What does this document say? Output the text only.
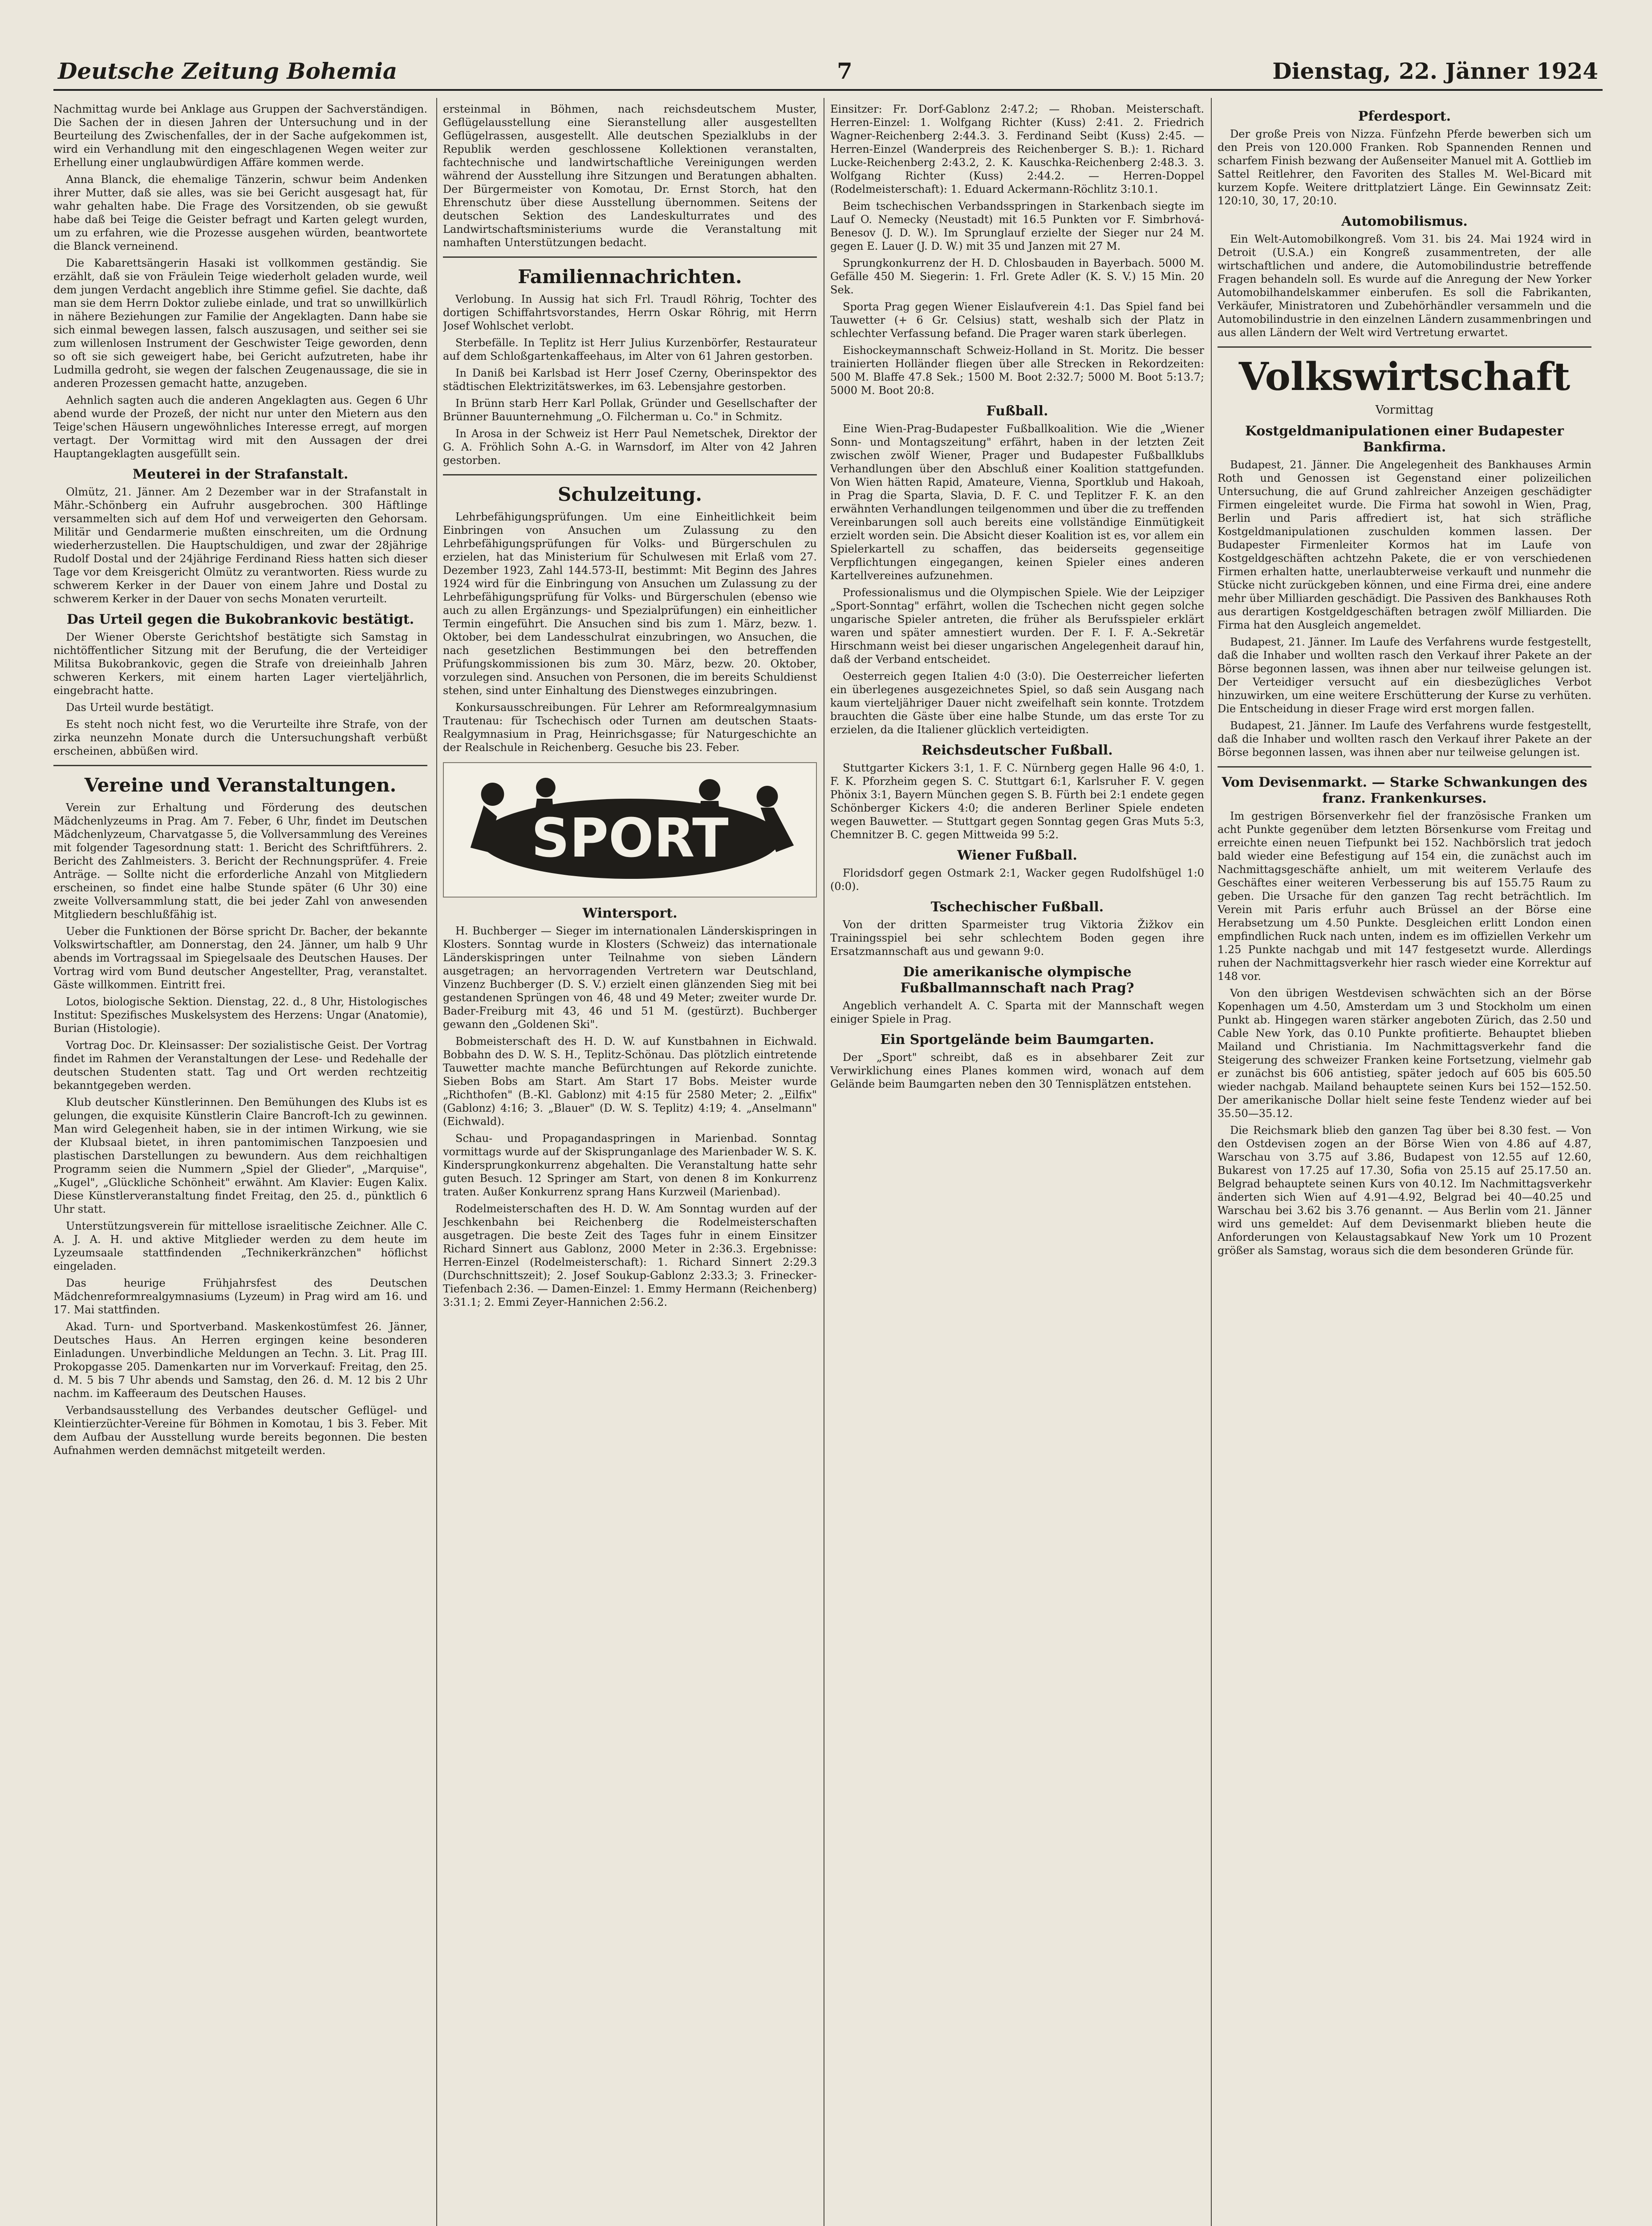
Deutsche Zeitung Bohemia	7	Dienstag, 22. Jänner 1924

Nachmittag wurde bei Anklage aus Gruppen der Sachverständigen. Die Sachen der in diesen Jahren der Untersuchung und in der Beurteilung des Zwischenfalles, der in der Sache aufgekommen ist, wird ein Verhandlung mit den eingeschlagenen Wegen weiter zur Erhellung einer unglaubwürdigen Affäre kommen werde.

Anna Blanck, die ehemalige Tänzerin, schwur beim Andenken ihrer Mutter, daß sie alles, was sie bei Gericht ausgesagt hat, für wahr gehalten habe. Die Frage des Vorsitzenden, ob sie gewußt habe daß bei Teige die Geister befragt und Karten gelegt wurden, um zu erfahren, wie die Prozesse ausgehen würden, beantwortete die Blanck verneinend.

Die Kabarettsängerin Hasaki ist vollkommen geständig. Sie erzählt, daß sie von Fräulein Teige wiederholt geladen wurde, weil dem jungen Verdacht angeblich ihre Stimme gefiel. Sie dachte, daß man sie dem Herrn Doktor zuliebe einlade, und trat so unwillkürlich in nähere Beziehungen zur Familie der Angeklagten. Dann habe sie sich einmal bewegen lassen, falsch auszusagen, und seither sei sie zum willenlosen Instrument der Geschwister Teige geworden, denn so oft sie sich geweigert habe, bei Gericht aufzutreten, habe ihr Ludmilla gedroht, sie wegen der falschen Zeugenaussage, die sie in anderen Prozessen gemacht hatte, anzugeben.

Aehnlich sagten auch die anderen Angeklagten aus. Gegen 6 Uhr abend wurde der Prozeß, der nicht nur unter den Mietern aus den Teige'schen Häusern ungewöhnliches Interesse erregt, auf morgen vertagt. Der Vormittag wird mit den Aussagen der drei Hauptangeklagten ausgefüllt sein.

Meuterei in der Strafanstalt.

Olmütz, 21. Jänner. Am 2 Dezember war in der Strafanstalt in Mähr.-Schönberg ein Aufruhr ausgebrochen. 300 Häftlinge versammelten sich auf dem Hof und verweigerten den Gehorsam. Militär und Gendarmerie mußten einschreiten, um die Ordnung wiederherzustellen. Die Hauptschuldigen, und zwar der 28jährige Rudolf Dostal und der 24jährige Ferdinand Riess hatten sich dieser Tage vor dem Kreisgericht Olmütz zu verantworten. Riess wurde zu schwerem Kerker in der Dauer von einem Jahre und Dostal zu schwerem Kerker in der Dauer von sechs Monaten verurteilt.

Das Urteil gegen die Bukobrankovic bestätigt.

Der Wiener Oberste Gerichtshof bestätigte sich Samstag in nichtöffentlicher Sitzung mit der Berufung, die der Verteidiger Militsa Bukobrankovic, gegen die Strafe von dreieinhalb Jahren schweren Kerkers, mit einem harten Lager vierteljährlich, eingebracht hatte.

Das Urteil wurde bestätigt.

Es steht noch nicht fest, wo die Verurteilte ihre Strafe, von der zirka neunzehn Monate durch die Untersuchungshaft verbüßt erscheinen, abbüßen wird.

Vereine und Veranstaltungen.

Verein zur Erhaltung und Förderung des deutschen Mädchenlyzeums in Prag. Am 7. Feber, 6 Uhr, findet im Deutschen Mädchenlyzeum, Charvatgasse 5, die Vollversammlung des Vereines mit folgender Tagesordnung statt: 1. Bericht des Schriftführers. 2. Bericht des Zahlmeisters. 3. Bericht der Rechnungsprüfer. 4. Freie Anträge. — Sollte nicht die erforderliche Anzahl von Mitgliedern erscheinen, so findet eine halbe Stunde später (6 Uhr 30) eine zweite Vollversammlung statt, die bei jeder Zahl von anwesenden Mitgliedern beschlußfähig ist.

Ueber die Funktionen der Börse spricht Dr. Bacher, der bekannte Volkswirtschaftler, am Donnerstag, den 24. Jänner, um halb 9 Uhr abends im Vortragssaal im Spiegelsaale des Deutschen Hauses. Der Vortrag wird vom Bund deutscher Angestellter, Prag, veranstaltet. Gäste willkommen. Eintritt frei.

Lotos, biologische Sektion. Dienstag, 22. d., 8 Uhr, Histologisches Institut: Spezifisches Muskelsystem des Herzens: Ungar (Anatomie), Burian (Histologie).

Vortrag Doc. Dr. Kleinsasser: Der sozialistische Geist. Der Vortrag findet im Rahmen der Veranstaltungen der Lese- und Redehalle der deutschen Studenten statt. Tag und Ort werden rechtzeitig bekanntgegeben werden.

Klub deutscher Künstlerinnen. Den Bemühungen des Klubs ist es gelungen, die exquisite Künstlerin Claire Bancroft-Ich zu gewinnen. Man wird Gelegenheit haben, sie in der intimen Wirkung, wie sie der Klubsaal bietet, in ihren pantomimischen Tanzpoesien und plastischen Darstellungen zu bewundern. Aus dem reichhaltigen Programm seien die Nummern „Spiel der Glieder", „Marquise", „Kugel", „Glückliche Schönheit" erwähnt. Am Klavier: Eugen Kalix. Diese Künstlerveranstaltung findet Freitag, den 25. d., pünktlich 6 Uhr statt.

Unterstützungsverein für mittellose israelitische Zeichner. Alle C. A. J. A. H. und aktive Mitglieder werden zu dem heute im Lyzeumsaale stattfindenden „Technikerkränzchen" höflichst eingeladen.

Das heurige Frühjahrsfest des Deutschen Mädchenreformrealgymnasiums (Lyzeum) in Prag wird am 16. und 17. Mai stattfinden.

Akad. Turn- und Sportverband. Maskenkostümfest 26. Jänner, Deutsches Haus. An Herren ergingen keine besonderen Einladungen. Unverbindliche Meldungen an Techn. 3. Lit. Prag III. Prokopgasse 205. Damenkarten nur im Vorverkauf: Freitag, den 25. d. M. 5 bis 7 Uhr abends und Samstag, den 26. d. M. 12 bis 2 Uhr nachm. im Kaffeeraum des Deutschen Hauses.

Verbandsausstellung des Verbandes deutscher Geflügel- und Kleintierzüchter-Vereine für Böhmen in Komotau, 1 bis 3. Feber. Mit dem Aufbau der Ausstellung wurde bereits begonnen. Die besten Aufnahmen werden demnächst mitgeteilt werden.

ersteinmal in Böhmen, nach reichsdeutschem Muster, Geflügelausstellung eine Sieranstellung aller ausgestellten Geflügelrassen, ausgestellt. Alle deutschen Spezialklubs in der Republik werden geschlossene Kollektionen veranstalten, fachtechnische und landwirtschaftliche Vereinigungen werden während der Ausstellung ihre Sitzungen und Beratungen abhalten. Der Bürgermeister von Komotau, Dr. Ernst Storch, hat den Ehrenschutz über diese Ausstellung übernommen. Seitens der deutschen Sektion des Landeskulturrates und des Landwirtschaftsministeriums wurde die Veranstaltung mit namhaften Unterstützungen bedacht.

Familiennachrichten.

Verlobung. In Aussig hat sich Frl. Traudl Röhrig, Tochter des dortigen Schiffahrtsvorstandes, Herrn Oskar Röhrig, mit Herrn Josef Wohlschet verlobt.

Sterbefälle. In Teplitz ist Herr Julius Kurzenbörfer, Restaurateur auf dem Schloßgartenkaffeehaus, im Alter von 61 Jahren gestorben.

In Daniß bei Karlsbad ist Herr Josef Czerny, Oberinspektor des städtischen Elektrizitätswerkes, im 63. Lebensjahre gestorben.

In Brünn starb Herr Karl Pollak, Gründer und Gesellschafter der Brünner Bauunternehmung „O. Filcherman u. Co." in Schmitz.

In Arosa in der Schweiz ist Herr Paul Nemetschek, Direktor der G. A. Fröhlich Sohn A.-G. in Warnsdorf, im Alter von 42 Jahren gestorben.

Schulzeitung.

Lehrbefähigungsprüfungen. Um eine Einheitlichkeit beim Einbringen von Ansuchen um Zulassung zu den Lehrbefähigungsprüfungen für Volks- und Bürgerschulen zu erzielen, hat das Ministerium für Schulwesen mit Erlaß vom 27. Dezember 1923, Zahl 144.573-II, bestimmt: Mit Beginn des Jahres 1924 wird für die Einbringung von Ansuchen um Zulassung zu der Lehrbefähigungsprüfung für Volks- und Bürgerschulen (ebenso wie auch zu allen Ergänzungs- und Spezialprüfungen) ein einheitlicher Termin eingeführt. Die Ansuchen sind bis zum 1. März, bezw. 1. Oktober, bei dem Landesschulrat einzubringen, wo Ansuchen, die nach gesetzlichen Bestimmungen bei den betreffenden Prüfungskommissionen bis zum 30. März, bezw. 20. Oktober, vorzulegen sind. Ansuchen von Personen, die im bereits Schuldienst stehen, sind unter Einhaltung des Dienstweges einzubringen.

Konkursausschreibungen. Für Lehrer am Reformrealgymnasium Trautenau: für Tschechisch oder Turnen am deutschen Staats-Realgymnasium in Prag, Heinrichsgasse; für Naturgeschichte an der Realschule in Reichenberg. Gesuche bis 23. Feber.

SPORT
Wintersport.

H. Buchberger — Sieger im internationalen Länderskispringen in Klosters. Sonntag wurde in Klosters (Schweiz) das internationale Länderskispringen unter Teilnahme von sieben Ländern ausgetragen; an hervorragenden Vertretern war Deutschland, Vinzenz Buchberger (D. S. V.) erzielt einen glänzenden Sieg mit bei gestandenen Sprüngen von 46, 48 und 49 Meter; zweiter wurde Dr. Bader-Freiburg mit 43, 46 und 51 M. (gestürzt). Buchberger gewann den „Goldenen Ski".

Bobmeisterschaft des H. D. W. auf Kunstbahnen in Eichwald. Bobbahn des D. W. S. H., Teplitz-Schönau. Das plötzlich eintretende Tauwetter machte manche Befürchtungen auf Rekorde zunichte. Sieben Bobs am Start. Am Start 17 Bobs. Meister wurde „Richthofen" (B.-Kl. Gablonz) mit 4:15 für 2580 Meter; 2. „Eilfix" (Gablonz) 4:16; 3. „Blauer" (D. W. S. Teplitz) 4:19; 4. „Anselmann" (Eichwald).

Schau- und Propagandaspringen in Marienbad. Sonntag vormittags wurde auf der Skisprunganlage des Marienbader W. S. K. Kindersprungkonkurrenz abgehalten. Die Veranstaltung hatte sehr guten Besuch. 12 Springer am Start, von denen 8 im Konkurrenz traten. Außer Konkurrenz sprang Hans Kurzweil (Marienbad).

Rodelmeisterschaften des H. D. W. Am Sonntag wurden auf der Jeschkenbahn bei Reichenberg die Rodelmeisterschaften ausgetragen. Die beste Zeit des Tages fuhr in einem Einsitzer Richard Sinnert aus Gablonz, 2000 Meter in 2:36.3. Ergebnisse: Herren-Einzel (Rodelmeisterschaft): 1. Richard Sinnert 2:29.3 (Durchschnittszeit); 2. Josef Soukup-Gablonz 2:33.3; 3. Frinecker-Tiefenbach 2:36. — Damen-Einzel: 1. Emmy Hermann (Reichenberg) 3:31.1; 2. Emmi Zeyer-Hannichen 2:56.2.

Einsitzer: Fr. Dorf-Gablonz 2:47.2; — Rhoban. Meisterschaft. Herren-Einzel: 1. Wolfgang Richter (Kuss) 2:41. 2. Friedrich Wagner-Reichenberg 2:44.3. 3. Ferdinand Seibt (Kuss) 2:45. — Herren-Einzel (Wanderpreis des Reichenberger S. B.): 1. Richard Lucke-Reichenberg 2:43.2, 2. K. Kauschka-Reichenberg 2:48.3. 3. Wolfgang Richter (Kuss) 2:44.2. — Herren-Doppel (Rodelmeisterschaft): 1. Eduard Ackermann-Röchlitz 3:10.1.

Beim tschechischen Verbandsspringen in Starkenbach siegte im Lauf O. Nemecky (Neustadt) mit 16.5 Punkten vor F. Simbrhová-Benesov (J. D. W.). Im Sprunglauf erzielte der Sieger nur 24 M. gegen E. Lauer (J. D. W.) mit 35 und Janzen mit 27 M.

Sprungkonkurrenz der H. D. Chlosbauden in Bayerbach. 5000 M. Gefälle 450 M. Siegerin: 1. Frl. Grete Adler (K. S. V.) 15 Min. 20 Sek.

Sporta Prag gegen Wiener Eislaufverein 4:1. Das Spiel fand bei Tauwetter (+ 6 Gr. Celsius) statt, weshalb sich der Platz in schlechter Verfassung befand. Die Prager waren stark überlegen.

Eishockeymannschaft Schweiz-Holland in St. Moritz. Die besser trainierten Holländer fliegen über alle Strecken in Rekordzeiten: 500 M. Blaffe 47.8 Sek.; 1500 M. Boot 2:32.7; 5000 M. Boot 5:13.7; 5000 M. Boot 20:8.

Fußball.

Eine Wien-Prag-Budapester Fußballkoalition. Wie die „Wiener Sonn- und Montagszeitung" erfährt, haben in der letzten Zeit zwischen zwölf Wiener, Prager und Budapester Fußballklubs Verhandlungen über den Abschluß einer Koalition stattgefunden. Von Wien hätten Rapid, Amateure, Vienna, Sportklub und Hakoah, in Prag die Sparta, Slavia, D. F. C. und Teplitzer F. K. an den erwähnten Verhandlungen teilgenommen und über die zu treffenden Vereinbarungen soll auch bereits eine vollständige Einmütigkeit erzielt worden sein. Die Absicht dieser Koalition ist es, vor allem ein Spielerkartell zu schaffen, das beiderseits gegenseitige Verpflichtungen eingegangen, keinen Spieler eines anderen Kartellvereines aufzunehmen.

Professionalismus und die Olympischen Spiele. Wie der Leipziger „Sport-Sonntag" erfährt, wollen die Tschechen nicht gegen solche ungarische Spieler antreten, die früher als Berufsspieler erklärt waren und später amnestiert wurden. Der F. I. F. A.-Sekretär Hirschmann weist bei dieser ungarischen Angelegenheit darauf hin, daß der Verband entscheidet.

Oesterreich gegen Italien 4:0 (3:0). Die Oesterreicher lieferten ein überlegenes ausgezeichnetes Spiel, so daß sein Ausgang nach kaum vierteljähriger Dauer nicht zweifelhaft sein konnte. Trotzdem brauchten die Gäste über eine halbe Stunde, um das erste Tor zu erzielen, da die Italiener glücklich verteidigten.

Reichsdeutscher Fußball.

Stuttgarter Kickers 3:1, 1. F. C. Nürnberg gegen Halle 96 4:0, 1. F. K. Pforzheim gegen S. C. Stuttgart 6:1, Karlsruher F. V. gegen Phönix 3:1, Bayern München gegen S. B. Fürth bei 2:1 endete gegen Schönberger Kickers 4:0; die anderen Berliner Spiele endeten wegen Bauwetter. — Stuttgart gegen Sonntag gegen Gras Muts 5:3, Chemnitzer B. C. gegen Mittweida 99 5:2.

Wiener Fußball.

Floridsdorf gegen Ostmark 2:1, Wacker gegen Rudolfshügel 1:0 (0:0).

Tschechischer Fußball.

Von der dritten Sparmeister trug Viktoria Žižkov ein Trainingsspiel bei sehr schlechtem Boden gegen ihre Ersatzmannschaft aus und gewann 9:0.

Die amerikanische olympische Fußballmannschaft nach Prag?

Angeblich verhandelt A. C. Sparta mit der Mannschaft wegen einiger Spiele in Prag.

Ein Sportgelände beim Baumgarten.

Der „Sport" schreibt, daß es in absehbarer Zeit zur Verwirklichung eines Planes kommen wird, wonach auf dem Gelände beim Baumgarten neben den 30 Tennisplätzen entstehen.

Pferdesport.

Der große Preis von Nizza. Fünfzehn Pferde bewerben sich um den Preis von 120.000 Franken. Rob Spannenden Rennen und scharfem Finish bezwang der Außenseiter Manuel mit A. Gottlieb im Sattel Reitlehrer, den Favoriten des Stalles M. Wel-Bicard mit kurzem Kopfe. Weitere drittplatziert Länge. Ein Gewinnsatz Zeit: 120:10, 30, 17, 20:10.

Automobilismus.

Ein Welt-Automobilkongreß. Vom 31. bis 24. Mai 1924 wird in Detroit (U.S.A.) ein Kongreß zusammentreten, der alle wirtschaftlichen und andere, die Automobilindustrie betreffende Fragen behandeln soll. Es wurde auf die Anregung der New Yorker Automobilhandelskammer einberufen. Es soll die Fabrikanten, Verkäufer, Ministratoren und Zubehörhändler versammeln und die Automobilindustrie in den einzelnen Ländern zusammenbringen und aus allen Ländern der Welt wird Vertretung erwartet.

Volkswirtschaft
Vormittag
Kostgeldmanipulationen einer Budapester Bankfirma.

Budapest, 21. Jänner. Die Angelegenheit des Bankhauses Armin Roth und Genossen ist Gegenstand einer polizeilichen Untersuchung, die auf Grund zahlreicher Anzeigen geschädigter Firmen eingeleitet wurde. Die Firma hat sowohl in Wien, Prag, Berlin und Paris affrediert ist, hat sich sträfliche Kostgeldmanipulationen zuschulden kommen lassen. Der Budapester Firmenleiter Kormos hat im Laufe von Kostgeldgeschäften achtzehn Pakete, die er von verschiedenen Firmen erhalten hatte, unerlaubterweise verkauft und nunmehr die Stücke nicht zurückgeben können, und eine Firma drei, eine andere mehr über Milliarden geschädigt. Die Passiven des Bankhauses Roth aus derartigen Kostgeldgeschäften betragen zwölf Milliarden. Die Firma hat den Ausgleich angemeldet.

Budapest, 21. Jänner. Im Laufe des Verfahrens wurde festgestellt, daß die Inhaber und wollten rasch den Verkauf ihrer Pakete an der Börse begonnen lassen, was ihnen aber nur teilweise gelungen ist. Der Verteidiger versucht auf ein diesbezügliches Verbot hinzuwirken, um eine weitere Erschütterung der Kurse zu verhüten. Die Entscheidung in dieser Frage wird erst morgen fallen.

Budapest, 21. Jänner. Im Laufe des Verfahrens wurde festgestellt, daß die Inhaber und wollten rasch den Verkauf ihrer Pakete an der Börse begonnen lassen, was ihnen aber nur teilweise gelungen ist.

Vom Devisenmarkt. — Starke Schwankungen des franz. Frankenkurses.

Im gestrigen Börsenverkehr fiel der französische Franken um acht Punkte gegenüber dem letzten Börsenkurse vom Freitag und erreichte einen neuen Tiefpunkt bei 152. Nachbörslich trat jedoch bald wieder eine Befestigung auf 154 ein, die zunächst auch im Nachmittagsgeschäfte anhielt, um mit weiterem Verlaufe des Geschäftes einer weiteren Verbesserung bis auf 155.75 Raum zu geben. Die Ursache für den ganzen Tag recht beträchtlich. Im Verein mit Paris erfuhr auch Brüssel an der Börse eine Herabsetzung um 4.50 Punkte. Desgleichen erlitt London einen empfindlichen Ruck nach unten, indem es im offiziellen Verkehr um 1.25 Punkte nachgab und mit 147 festgesetzt wurde. Allerdings ruhen der Nachmittagsverkehr hier rasch wieder eine Korrektur auf 148 vor.

Von den übrigen Westdevisen schwächten sich an der Börse Kopenhagen um 4.50, Amsterdam um 3 und Stockholm um einen Punkt ab. Hingegen waren stärker angeboten Zürich, das 2.50 und Cable New York, das 0.10 Punkte profitierte. Behauptet blieben Mailand und Christiania. Im Nachmittagsverkehr fand die Steigerung des schweizer Franken keine Fortsetzung, vielmehr gab er zunächst bis 606 antistieg, später jedoch auf 605 bis 605.50 wieder nachgab. Mailand behauptete seinen Kurs bei 152—152.50. Der amerikanische Dollar hielt seine feste Tendenz wieder auf bei 35.50—35.12.

Die Reichsmark blieb den ganzen Tag über bei 8.30 fest. — Von den Ostdevisen zogen an der Börse Wien von 4.86 auf 4.87, Warschau von 3.75 auf 3.86, Budapest von 12.55 auf 12.60, Bukarest von 17.25 auf 17.30, Sofia von 25.15 auf 25.17.50 an. Belgrad behauptete seinen Kurs von 40.12. Im Nachmittagsverkehr änderten sich Wien auf 4.91—4.92, Belgrad bei 40—40.25 und Warschau bei 3.62 bis 3.76 genannt. — Aus Berlin vom 21. Jänner wird uns gemeldet: Auf dem Devisenmarkt blieben heute die Anforderungen von Kelaustagsabkauf New York um 10 Prozent größer als Samstag, woraus sich die dem besonderen Gründe für.
